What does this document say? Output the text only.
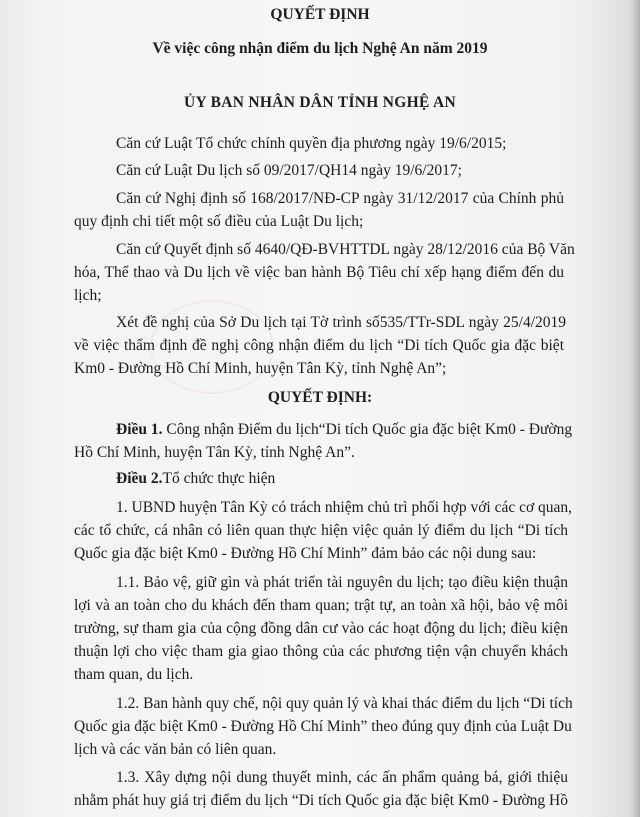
QUYẾT ĐỊNH
Về việc công nhận điểm du lịch Nghệ An năm 2019
ỦY BAN NHÂN DÂN TỈNH NGHỆ AN
Căn cứ Luật Tổ chức chính quyền địa phương ngày 19/6/2015;
Căn cứ Luật Du lịch số 09/2017/QH14 ngày 19/6/2017;
Căn cứ Nghị định số 168/2017/NĐ-CP ngày 31/12/2017 của Chính phủ
quy định chi tiết một số điều của Luật Du lịch;
Căn cứ Quyết định số 4640/QĐ-BVHTTDL ngày 28/12/2016 của Bộ Văn
hóa, Thể thao và Du lịch về việc ban hành Bộ Tiêu chí xếp hạng điểm đến du
lịch;
Xét đề nghị của Sở Du lịch tại Tờ trình số535/TTr-SDL ngày 25/4/2019
về việc thẩm định đề nghị công nhận điểm du lịch “Di tích Quốc gia đặc biệt
Km0 - Đường Hồ Chí Minh, huyện Tân Kỳ, tỉnh Nghệ An”;
QUYẾT ĐỊNH:
Điều 1. Công nhận Điểm du lịch“Di tích Quốc gia đặc biệt Km0 - Đường
Hồ Chí Minh, huyện Tân Kỳ, tỉnh Nghệ An”.
Điều 2.Tổ chức thực hiện
1. UBND huyện Tân Kỳ có trách nhiệm chủ trì phối hợp với các cơ quan,
các tổ chức, cá nhân có liên quan thực hiện việc quản lý điểm du lịch “Di tích
Quốc gia đặc biệt Km0 - Đường Hồ Chí Minh” đảm bảo các nội dung sau:
1.1. Bảo vệ, giữ gìn và phát triển tài nguyên du lịch; tạo điều kiện thuận
lợi và an toàn cho du khách đến tham quan; trật tự, an toàn xã hội, bảo vệ môi
trường, sự tham gia của cộng đồng dân cư vào các hoạt động du lịch; điều kiện
thuận lợi cho việc tham gia giao thông của các phương tiện vận chuyển khách
tham quan, du lịch.
1.2. Ban hành quy chế, nội quy quản lý và khai thác điểm du lịch “Di tích
Quốc gia đặc biệt Km0 - Đường Hồ Chí Minh” theo đúng quy định của Luật Du
lịch và các văn bản có liên quan.
1.3. Xây dựng nội dung thuyết minh, các ấn phẩm quảng bá, giới thiệu
nhằm phát huy giá trị điểm du lịch “Di tích Quốc gia đặc biệt Km0 - Đường Hồ
